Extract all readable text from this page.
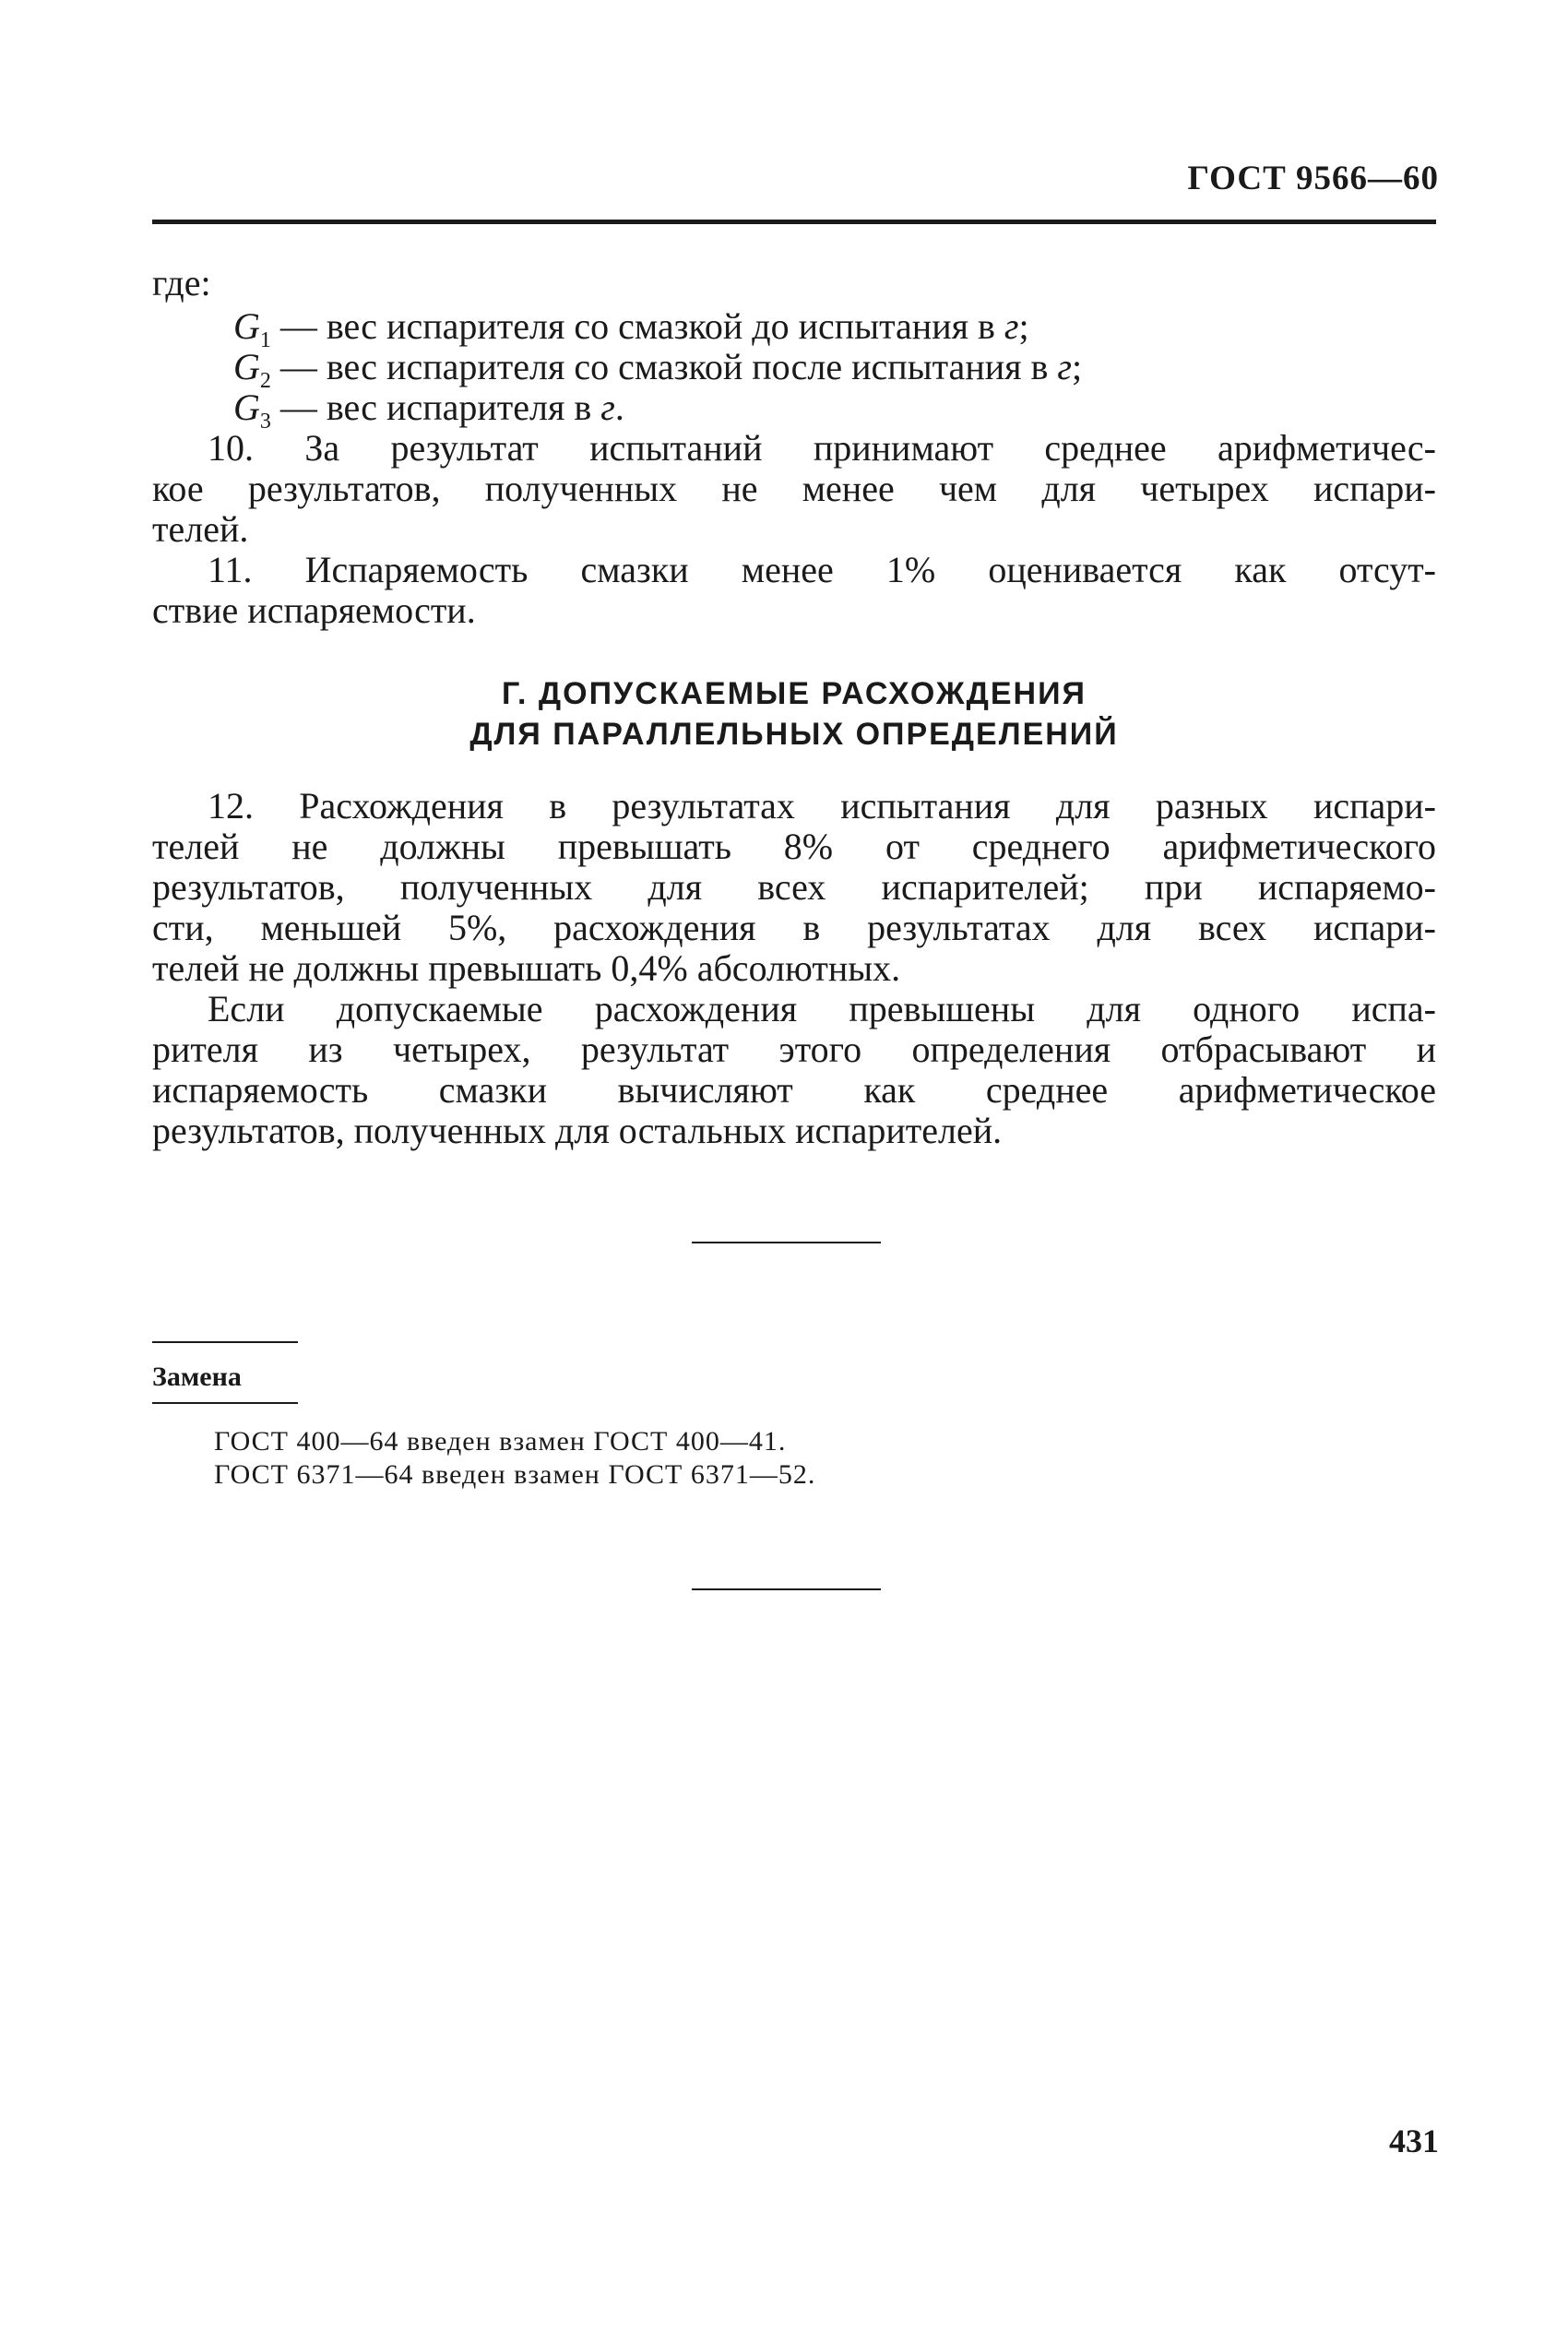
ГОСТ 9566—60
где:
$G_1$ — вес испарителя со смазкой до испытания в г;
$G_2$ — вес испарителя со смазкой после испытания в г;
$G_3$ — вес испарителя в г.
10. За результат испытаний принимают среднее арифметичес-
кое результатов, полученных не менее чем для четырех испари-
телей.
11. Испаряемость смазки менее 1% оценивается как отсут-
ствие испаряемости.
Г. ДОПУСКАЕМЫЕ РАСХОЖДЕНИЯ
ДЛЯ ПАРАЛЛЕЛЬНЫХ ОПРЕДЕЛЕНИЙ
12. Расхождения в результатах испытания для разных испари-
телей не должны превышать 8% от среднего арифметического
результатов, полученных для всех испарителей; при испаряемо-
сти, меньшей 5%, расхождения в результатах для всех испари-
телей не должны превышать 0,4% абсолютных.
Если допускаемые расхождения превышены для одного испа-
рителя из четырех, результат этого определения отбрасывают и
испаряемость смазки вычисляют как среднее арифметическое
результатов, полученных для остальных испарителей.
Замена
ГОСТ 400—64 введен взамен ГОСТ 400—41.
ГОСТ 6371—64 введен взамен ГОСТ 6371—52.
431
